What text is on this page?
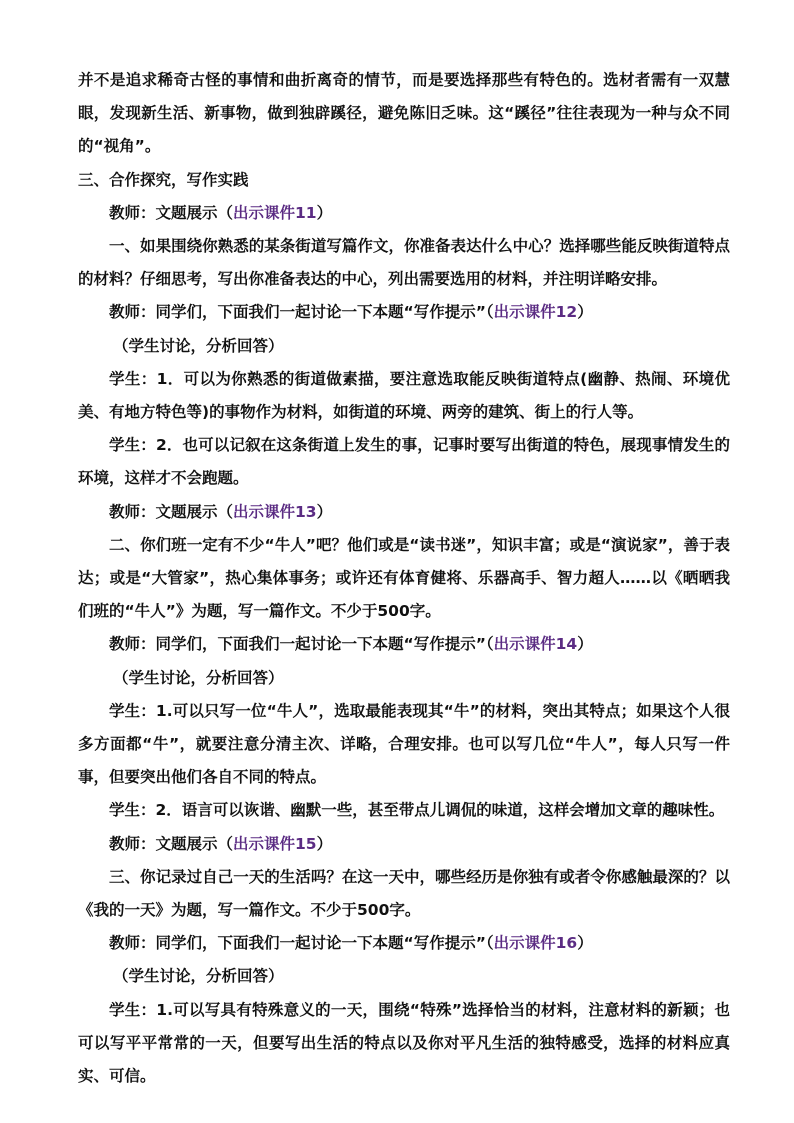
并不是追求稀奇古怪的事情和曲折离奇的情节，而是要选择那些有特色的。选材者需有一双慧眼，发现新生活、新事物，做到独辟蹊径，避免陈旧乏味。这“蹊径”往往表现为一种与众不同的“视角”。

三、合作探究，写作实践

教师：文题展示（出示课件11）

一、如果围绕你熟悉的某条街道写篇作文，你准备表达什么中心？选择哪些能反映街道特点的材料？仔细思考，写出你准备表达的中心，列出需要选用的材料，并注明详略安排。

教师：同学们，下面我们一起讨论一下本题“写作提示”（出示课件12）

（学生讨论，分析回答）

学生：1．可以为你熟悉的街道做素描，要注意选取能反映街道特点(幽静、热闹、环境优美、有地方特色等)的事物作为材料，如街道的环境、两旁的建筑、街上的行人等。

学生：2．也可以记叙在这条街道上发生的事，记事时要写出街道的特色，展现事情发生的环境，这样才不会跑题。

教师：文题展示（出示课件13）

二、你们班一定有不少“牛人”吧？他们或是“读书迷”，知识丰富；或是“演说家”，善于表达；或是“大管家”，热心集体事务；或许还有体育健将、乐器高手、智力超人……以《晒晒我们班的“牛人”》为题，写一篇作文。不少于500字。

教师：同学们，下面我们一起讨论一下本题“写作提示”（出示课件14）

（学生讨论，分析回答）

学生：1.可以只写一位“牛人”，选取最能表现其“牛”的材料，突出其特点；如果这个人很多方面都“牛”，就要注意分清主次、详略，合理安排。也可以写几位“牛人”，每人只写一件事，但要突出他们各自不同的特点。

学生：2．语言可以诙谐、幽默一些，甚至带点儿调侃的味道，这样会增加文章的趣味性。

教师：文题展示（出示课件15）

三、你记录过自己一天的生活吗？在这一天中，哪些经历是你独有或者令你感触最深的？以《我的一天》为题，写一篇作文。不少于500字。

教师：同学们，下面我们一起讨论一下本题“写作提示”（出示课件16）

（学生讨论，分析回答）

学生：1.可以写具有特殊意义的一天，围绕“特殊”选择恰当的材料，注意材料的新颖；也可以写平平常常的一天，但要写出生活的特点以及你对平凡生活的独特感受，选择的材料应真实、可信。
